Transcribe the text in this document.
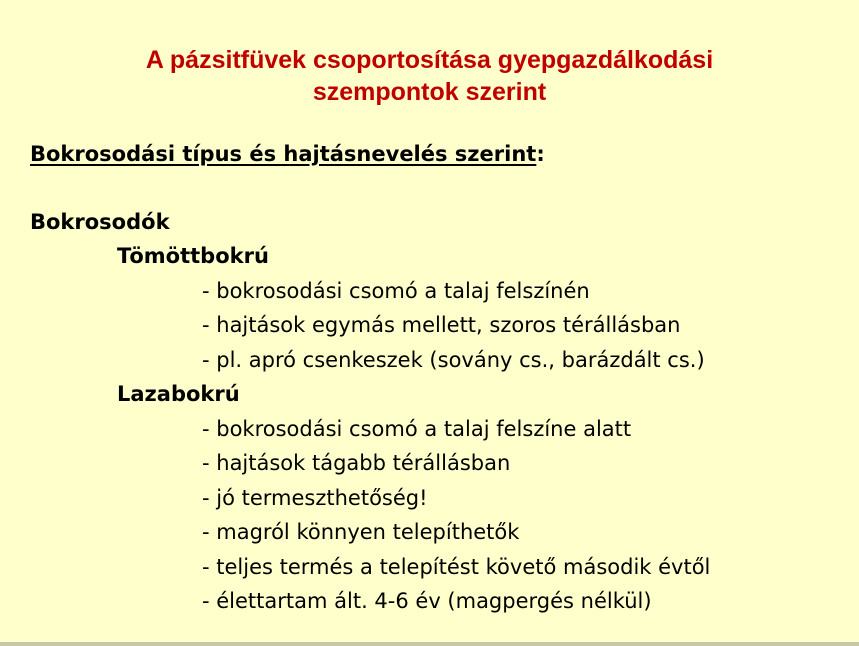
A pázsitfüvek csoportosítása gyepgazdálkodási
szempontok szerint
Bokrosodási típus és hajtásnevelés szerint:
Bokrosodók
Tömöttbokrú
- bokrosodási csomó a talaj felszínén
- hajtások egymás mellett, szoros térállásban
- pl. apró csenkeszek (sovány cs., barázdált cs.)
Lazabokrú
- bokrosodási csomó a talaj felszíne alatt
- hajtások tágabb térállásban
- jó termeszthetőség!
- magról könnyen telepíthetők
- teljes termés a telepítést követő második évtől
- élettartam ált. 4-6 év (magpergés nélkül)
